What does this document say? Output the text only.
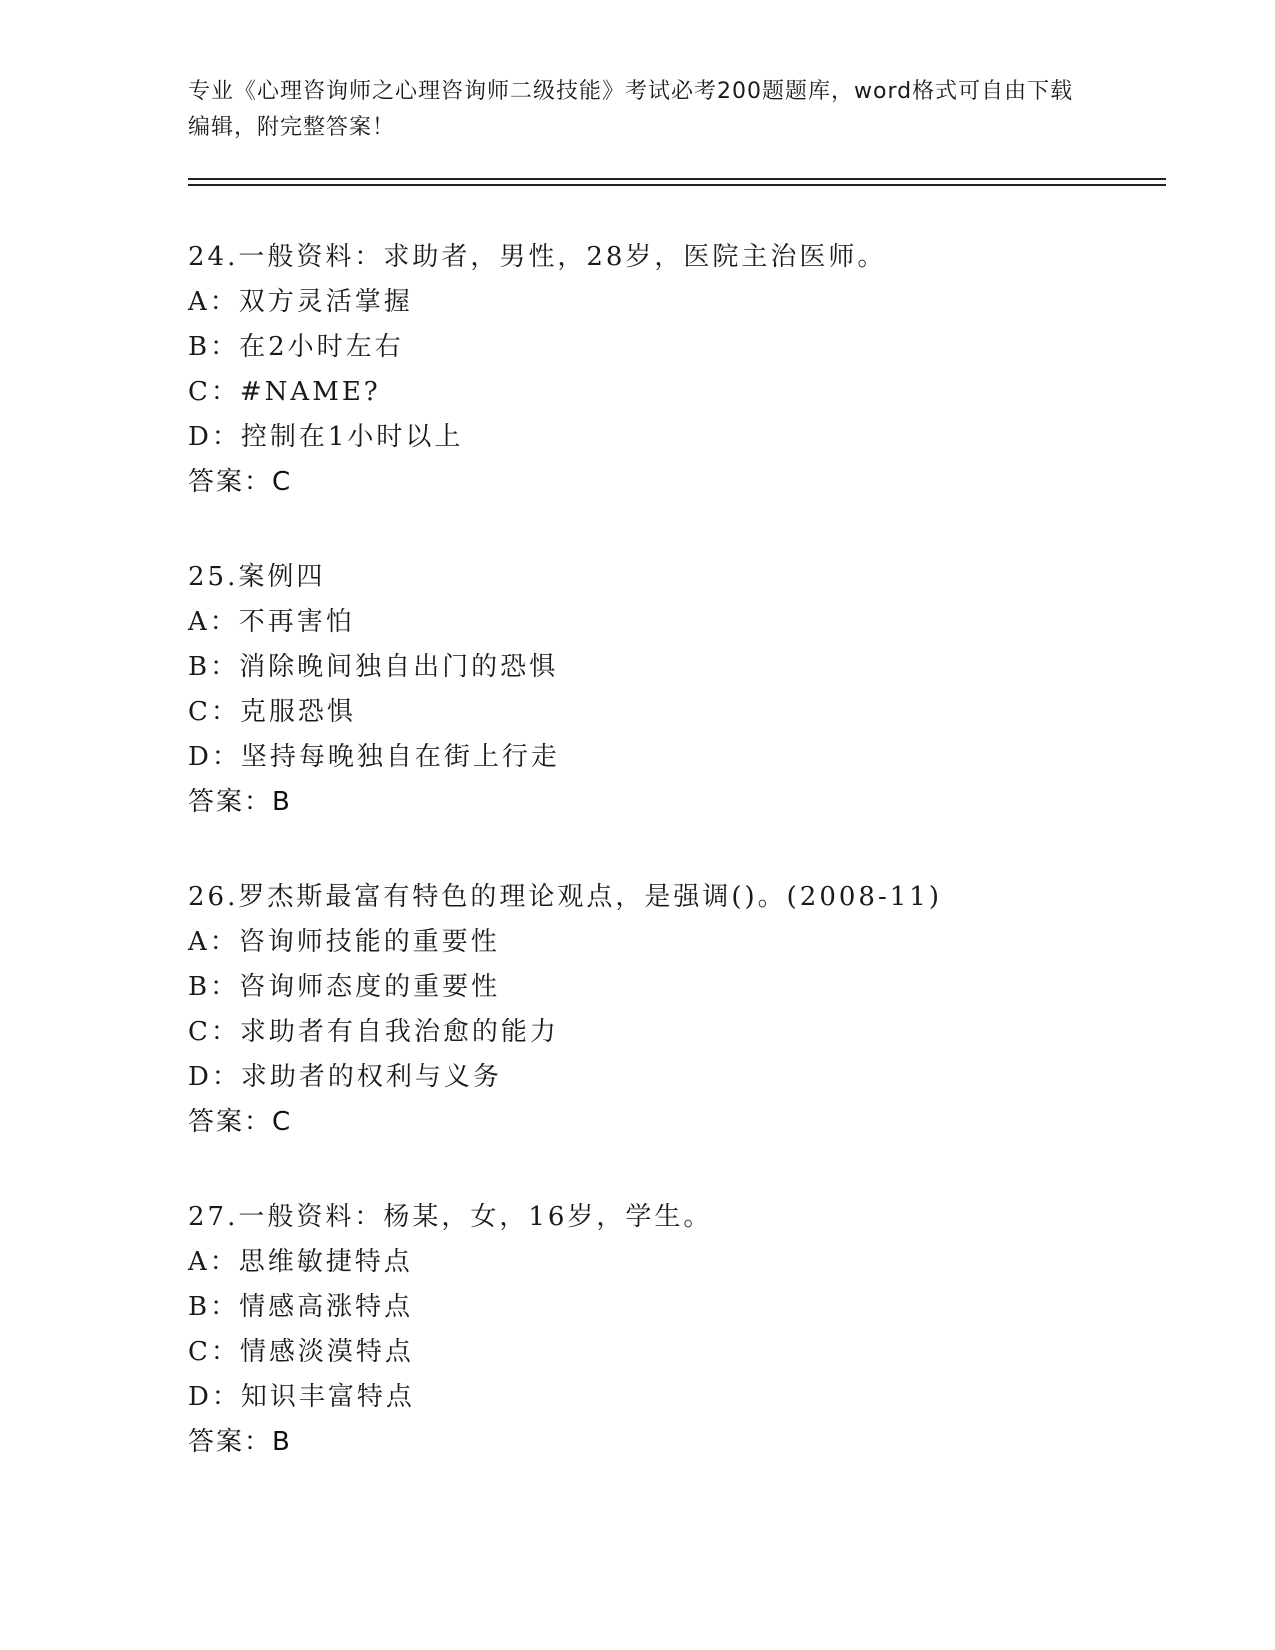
专业《心理咨询师之心理咨询师二级技能》考试必考200题题库，word格式可自由下载编辑，附完整答案！
24.一般资料：求助者，男性，28岁，医院主治医师。
A：双方灵活掌握
B：在2小时左右
C：#NAME?
D：控制在1小时以上
答案：C
25.案例四
A：不再害怕
B：消除晚间独自出门的恐惧
C：克服恐惧
D：坚持每晚独自在街上行走
答案：B
26.罗杰斯最富有特色的理论观点，是强调()。(2008-11)
A：咨询师技能的重要性
B：咨询师态度的重要性
C：求助者有自我治愈的能力
D：求助者的权利与义务
答案：C
27.一般资料：杨某，女，16岁，学生。
A：思维敏捷特点
B：情感高涨特点
C：情感淡漠特点
D：知识丰富特点
答案：B
